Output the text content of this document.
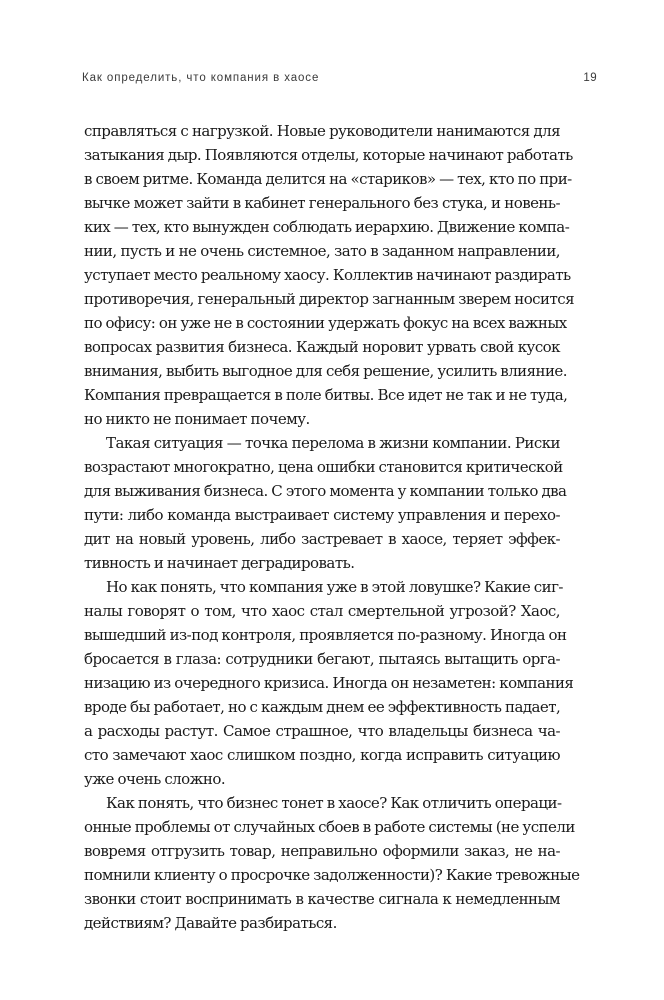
Как определить, что компания в хаосе	19

справляться с нагрузкой. Новые руководители нанимаются для
затыкания дыр. Появляются отделы, которые начинают работать
в своем ритме. Команда делится на «стариков» — тех, кто по при-
вычке может зайти в кабинет генерального без стука, и новень-
ких — тех, кто вынужден соблюдать иерархию. Движение компа-
нии, пусть и не очень системное, зато в заданном направлении,
уступает место реальному хаосу. Коллектив начинают раздирать
противоречия, генеральный директор загнанным зверем носится
по офису: он уже не в состоянии удержать фокус на всех важных
вопросах развития бизнеса. Каждый норовит урвать свой кусок
внимания, выбить выгодное для себя решение, усилить влияние.
Компания превращается в поле битвы. Все идет не так и не туда,
но никто не понимает почему.

Такая ситуация — точка перелома в жизни компании. Риски
возрастают многократно, цена ошибки становится критической
для выживания бизнеса. С этого момента у компании только два
пути: либо команда выстраивает систему управления и перехо-
дит на новый уровень, либо застревает в хаосе, теряет эффек-
тивность и начинает деградировать.

Но как понять, что компания уже в этой ловушке? Какие сиг-
налы говорят о том, что хаос стал смертельной угрозой? Хаос,
вышедший из-под контроля, проявляется по-разному. Иногда он
бросается в глаза: сотрудники бегают, пытаясь вытащить орга-
низацию из очередного кризиса. Иногда он незаметен: компания
вроде бы работает, но с каждым днем ее эффективность падает,
а расходы растут. Самое страшное, что владельцы бизнеса ча-
сто замечают хаос слишком поздно, когда исправить ситуацию
уже очень сложно.

Как понять, что бизнес тонет в хаосе? Как отличить операци-
онные проблемы от случайных сбоев в работе системы (не успели
вовремя отгрузить товар, неправильно оформили заказ, не на-
помнили клиенту о просрочке задолженности)? Какие тревожные
звонки стоит воспринимать в качестве сигнала к немедленным
действиям? Давайте разбираться.
